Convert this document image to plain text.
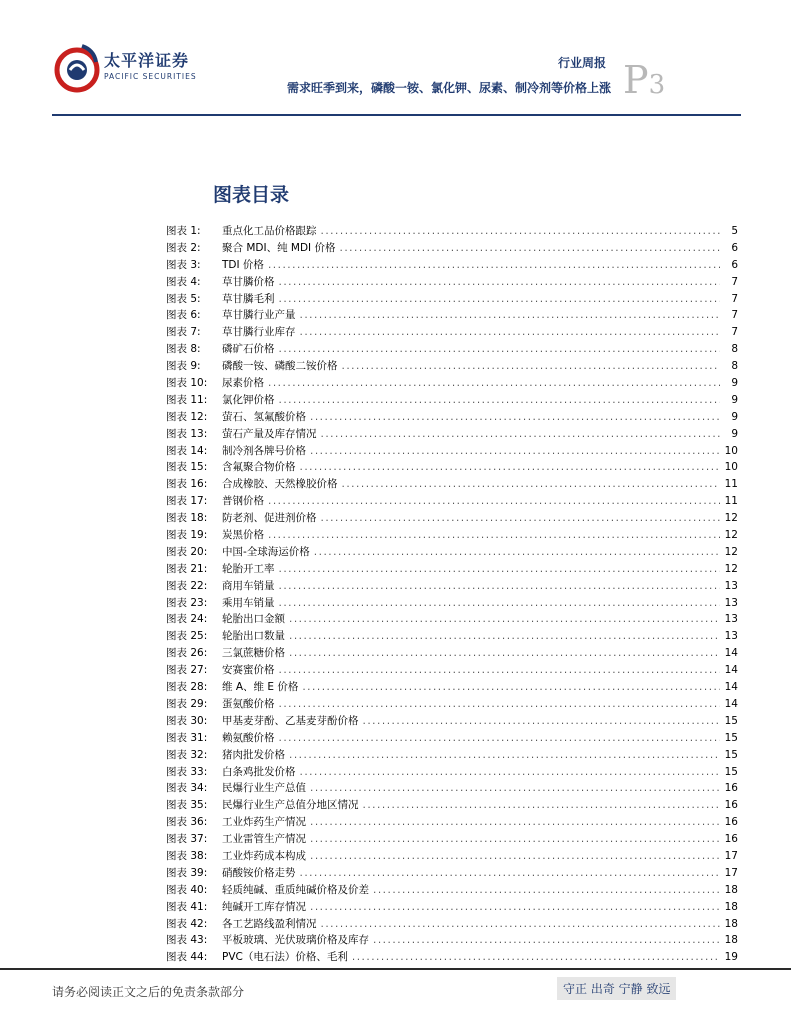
太平洋证券
PACIFIC SECURITIES
行业周报
需求旺季到来，磷酸一铵、氯化钾、尿素、制冷剂等价格上涨 P3
图表目录
图表 1:	重点化工品价格跟踪 .....	5
图表 2:	聚合 MDI、纯 MDI 价格 .....	6
图表 3:	TDI 价格 .....	6
图表 4:	草甘膦价格 .....	7
图表 5:	草甘膦毛利 .....	7
图表 6:	草甘膦行业产量 .....	7
图表 7:	草甘膦行业库存 .....	7
图表 8:	磷矿石价格 .....	8
图表 9:	磷酸一铵、磷酸二铵价格 .....	8
图表 10:	尿素价格 .....	9
图表 11:	氯化钾价格 .....	9
图表 12:	萤石、氢氟酸价格 .....	9
图表 13:	萤石产量及库存情况 .....	9
图表 14:	制冷剂各牌号价格 .....	10
图表 15:	含氟聚合物价格 .....	10
图表 16:	合成橡胶、天然橡胶价格 .....	11
图表 17:	普钢价格 .....	11
图表 18:	防老剂、促进剂价格 .....	12
图表 19:	炭黑价格 .....	12
图表 20:	中国-全球海运价格 .....	12
图表 21:	轮胎开工率 .....	12
图表 22:	商用车销量 .....	13
图表 23:	乘用车销量 .....	13
图表 24:	轮胎出口金额 .....	13
图表 25:	轮胎出口数量 .....	13
图表 26:	三氯蔗糖价格 .....	14
图表 27:	安赛蜜价格 .....	14
图表 28:	维 A、维 E 价格 .....	14
图表 29:	蛋氨酸价格 .....	14
图表 30:	甲基麦芽酚、乙基麦芽酚价格 .....	15
图表 31:	赖氨酸价格 .....	15
图表 32:	猪肉批发价格 .....	15
图表 33:	白条鸡批发价格 .....	15
图表 34:	民爆行业生产总值 .....	16
图表 35:	民爆行业生产总值分地区情况 .....	16
图表 36:	工业炸药生产情况 .....	16
图表 37:	工业雷管生产情况 .....	16
图表 38:	工业炸药成本构成 .....	17
图表 39:	硝酸铵价格走势 .....	17
图表 40:	轻质纯碱、重质纯碱价格及价差 .....	18
图表 41:	纯碱开工库存情况 .....	18
图表 42:	各工艺路线盈利情况 .....	18
图表 43:	平板玻璃、光伏玻璃价格及库存 .....	18
图表 44:	PVC（电石法）价格、毛利 .....	19
请务必阅读正文之后的免责条款部分	守正 出奇 宁静 致远
